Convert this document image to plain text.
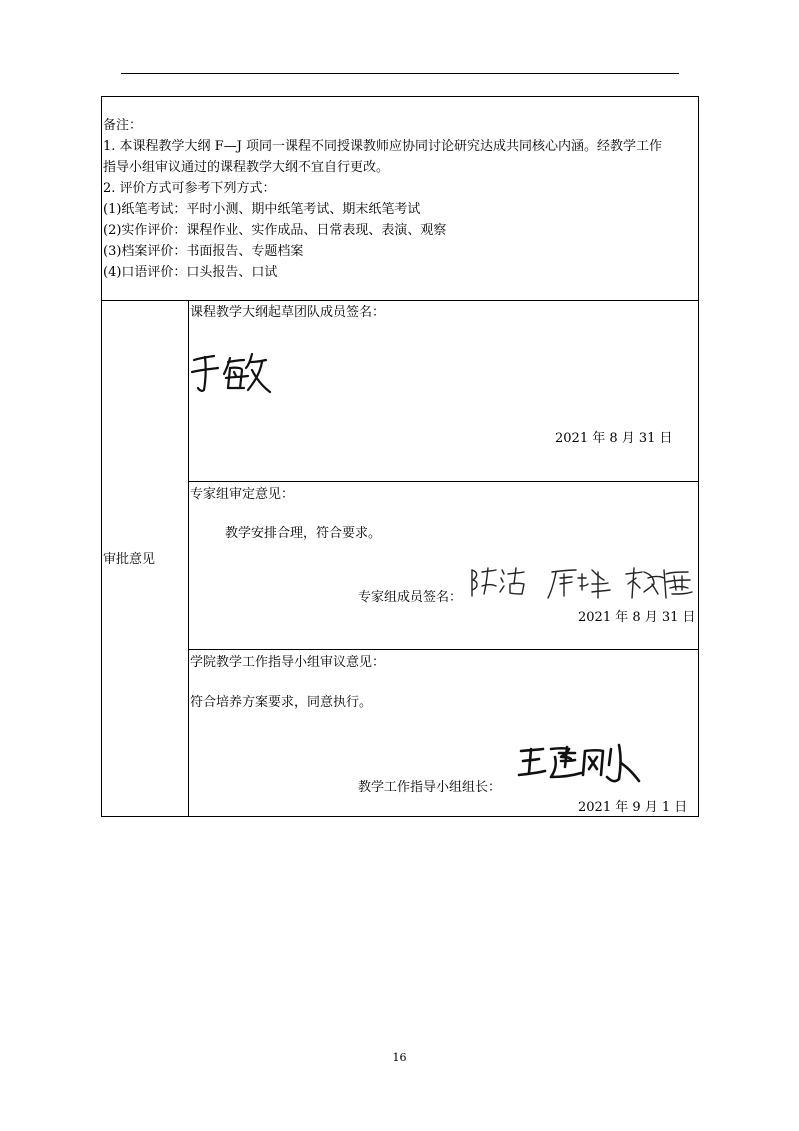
备注：
1. 本课程教学大纲 F—J 项同一课程不同授课教师应协同讨论研究达成共同核心内涵。经教学工作
指导小组审议通过的课程教学大纲不宜自行更改。
2. 评价方式可参考下列方式：
(1)纸笔考试：平时小测、期中纸笔考试、期末纸笔考试
(2)实作评价：课程作业、实作成品、日常表现、表演、观察
(3)档案评价：书面报告、专题档案
(4)口语评价：口头报告、口试
审批意见
课程教学大纲起草团队成员签名：
2021 年 8 月 31 日
专家组审定意见：
教学安排合理，符合要求。
专家组成员签名：
2021 年 8 月 31 日
学院教学工作指导小组审议意见：
符合培养方案要求，同意执行。
教学工作指导小组组长：
2021 年 9 月 1 日
16
